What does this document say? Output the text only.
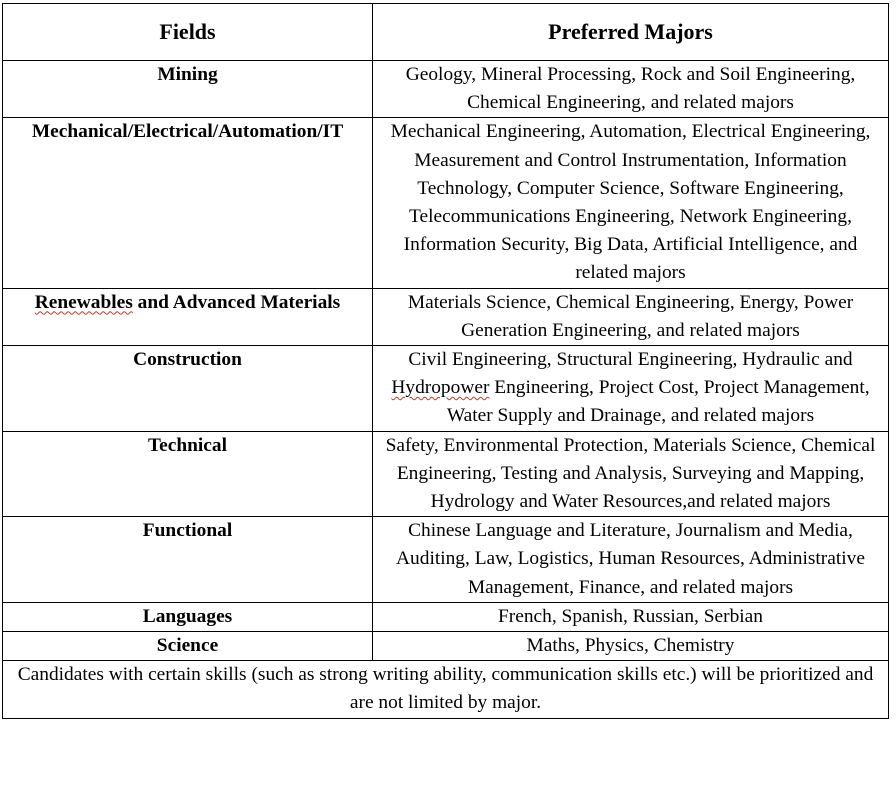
Fields	Preferred Majors
Mining	Geology, Mineral Processing, Rock and Soil Engineering, Chemical Engineering, and related majors
Mechanical/Electrical/Automation/IT	Mechanical Engineering, Automation, Electrical Engineering, Measurement and Control Instrumentation, Information Technology, Computer Science, Software Engineering, Telecommunications Engineering, Network Engineering, Information Security, Big Data, Artificial Intelligence, and related majors
Renewables and Advanced Materials	Materials Science, Chemical Engineering, Energy, Power Generation Engineering, and related majors
Construction	Civil Engineering, Structural Engineering, Hydraulic and Hydropower Engineering, Project Cost, Project Management, Water Supply and Drainage, and related majors
Technical	Safety, Environmental Protection, Materials Science, Chemical Engineering, Testing and Analysis, Surveying and Mapping, Hydrology and Water Resources,and related majors
Functional	Chinese Language and Literature, Journalism and Media, Auditing, Law, Logistics, Human Resources, Administrative Management, Finance, and related majors
Languages	French, Spanish, Russian, Serbian
Science	Maths, Physics, Chemistry
Candidates with certain skills (such as strong writing ability, communication skills etc.) will be prioritized and are not limited by major.	
